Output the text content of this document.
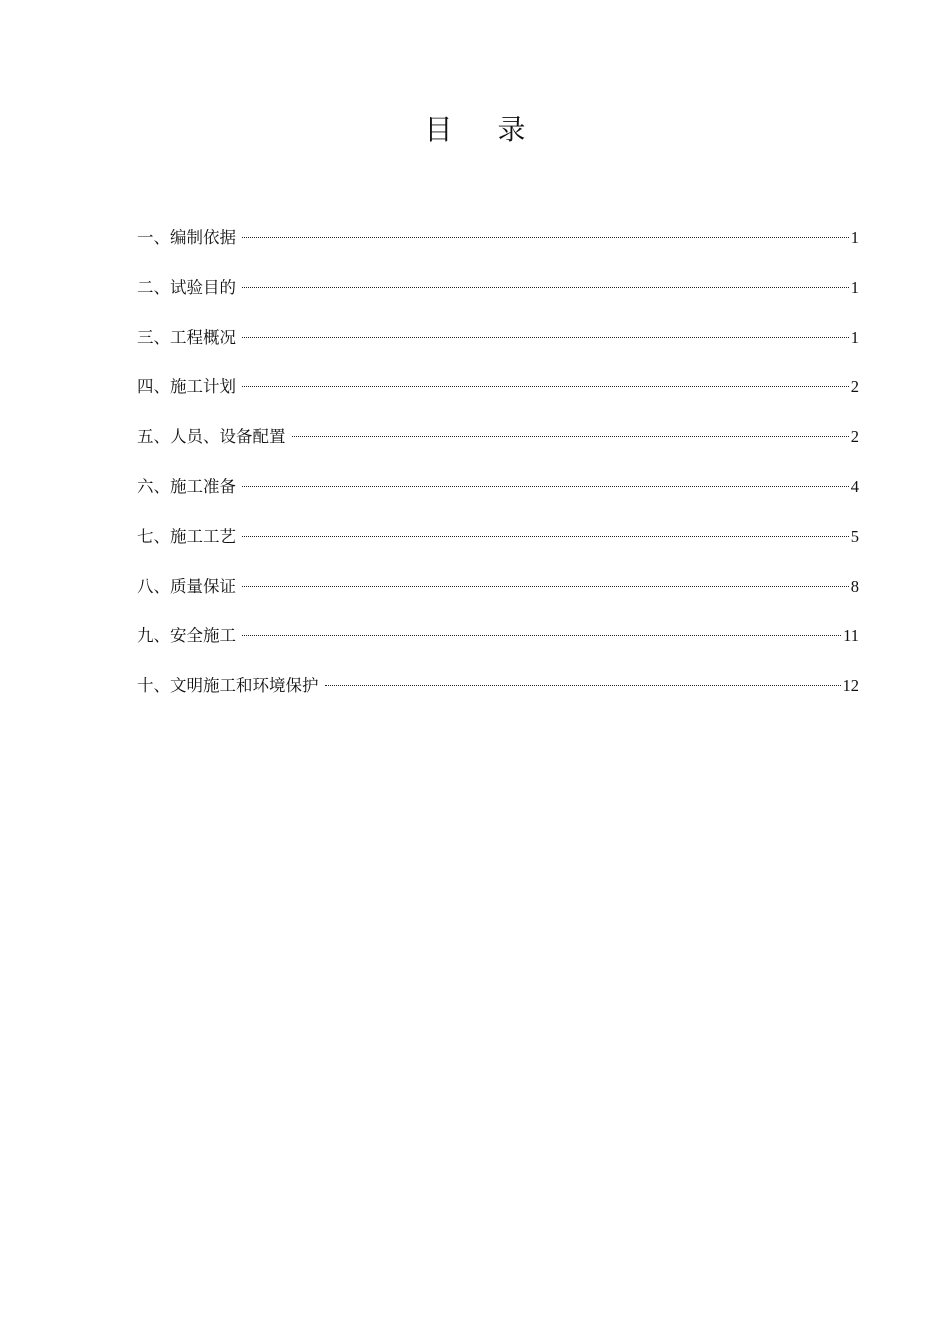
目 录
一、编制依据	1
二、试验目的	1
三、工程概况	1
四、施工计划	2
五、人员、设备配置	2
六、施工准备	4
七、施工工艺	5
八、质量保证	8
九、安全施工	11
十、文明施工和环境保护	12
